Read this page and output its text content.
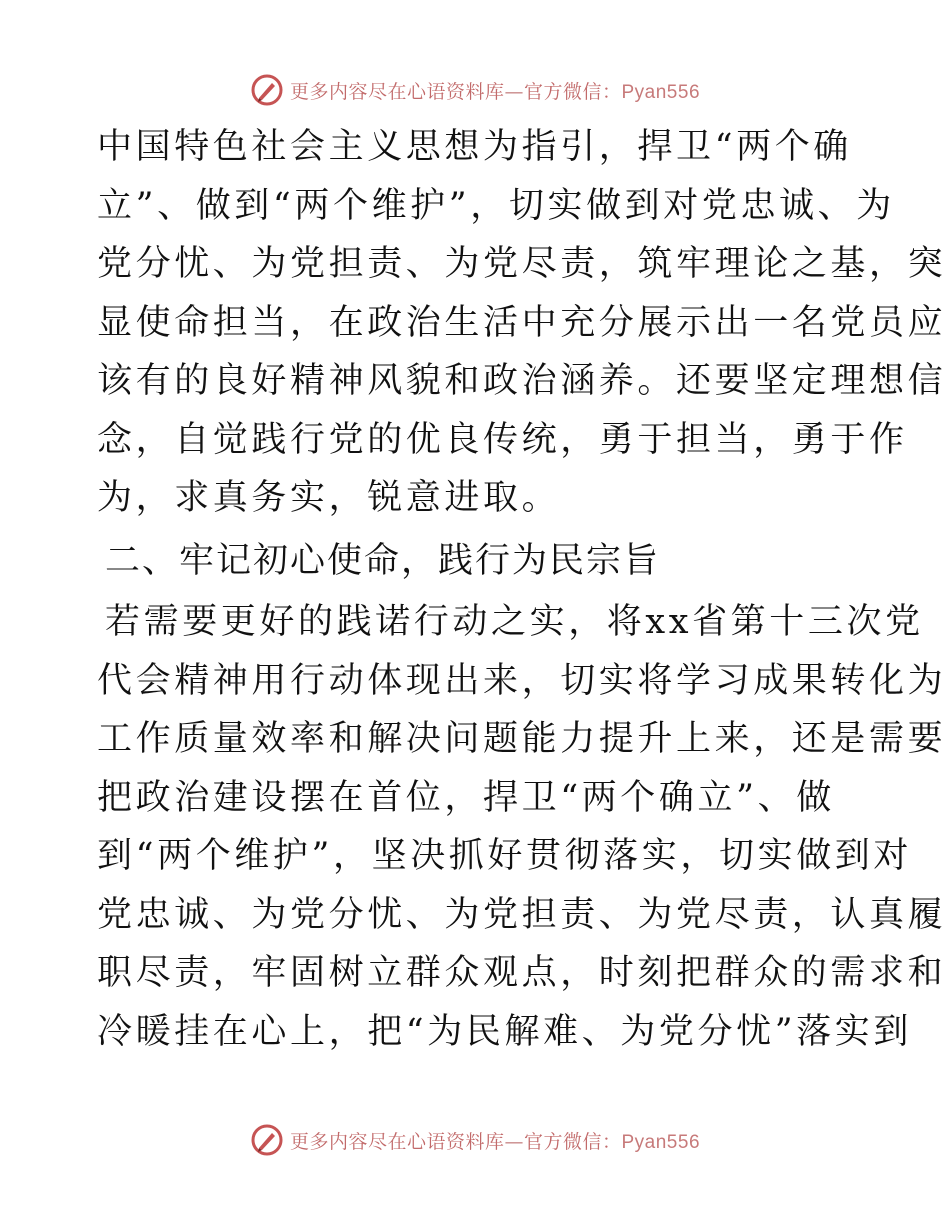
更多内容尽在心语资料库—官方微信：Pyan556
中国特色社会主义思想为指引，捍卫“两个确
立”、做到“两个维护”，切实做到对党忠诚、为
党分忧、为党担责、为党尽责，筑牢理论之基，突
显使命担当，在政治生活中充分展示出一名党员应
该有的良好精神风貌和政治涵养。还要坚定理想信
念，自觉践行党的优良传统，勇于担当，勇于作
为，求真务实，锐意进取。
二、牢记初心使命，践行为民宗旨
若需要更好的践诺行动之实，将xx省第十三次党
代会精神用行动体现出来，切实将学习成果转化为
工作质量效率和解决问题能力提升上来，还是需要
把政治建设摆在首位，捍卫“两个确立”、做
到“两个维护”，坚决抓好贯彻落实，切实做到对
党忠诚、为党分忧、为党担责、为党尽责，认真履
职尽责，牢固树立群众观点，时刻把群众的需求和
冷暖挂在心上，把“为民解难、为党分忧”落实到
更多内容尽在心语资料库—官方微信：Pyan556
